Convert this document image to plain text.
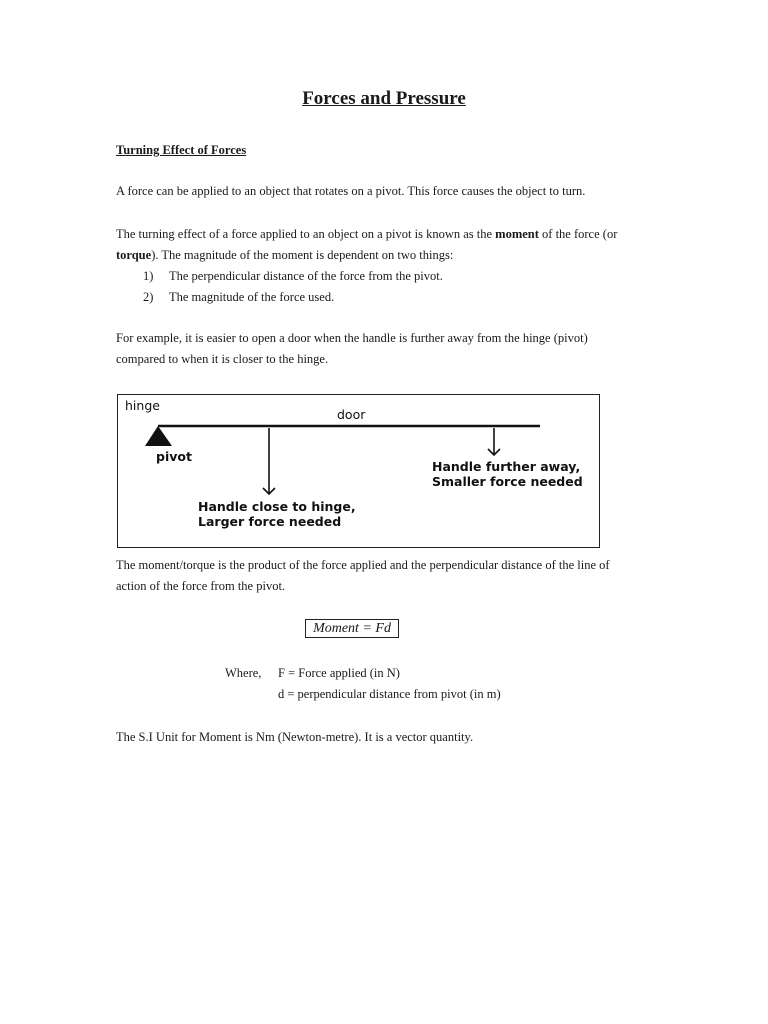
Forces and Pressure
Turning Effect of Forces
A force can be applied to an object that rotates on a pivot. This force causes the object to turn.
The turning effect of a force applied to an object on a pivot is known as the moment of the force (or
torque). The magnitude of the moment is dependent on two things:
1) The perpendicular distance of the force from the pivot.
2) The magnitude of the force used.
For example, it is easier to open a door when the handle is further away from the hinge (pivot)
compared to when it is closer to the hinge.
hinge
door
pivot
Handle further away,
Smaller force needed
Handle close to hinge,
Larger force needed
The moment/torque is the product of the force applied and the perpendicular distance of the line of
action of the force from the pivot.
Moment = Fd
Where, F = Force applied (in N)
d = perpendicular distance from pivot (in m)
The S.I Unit for Moment is Nm (Newton-metre). It is a vector quantity.
